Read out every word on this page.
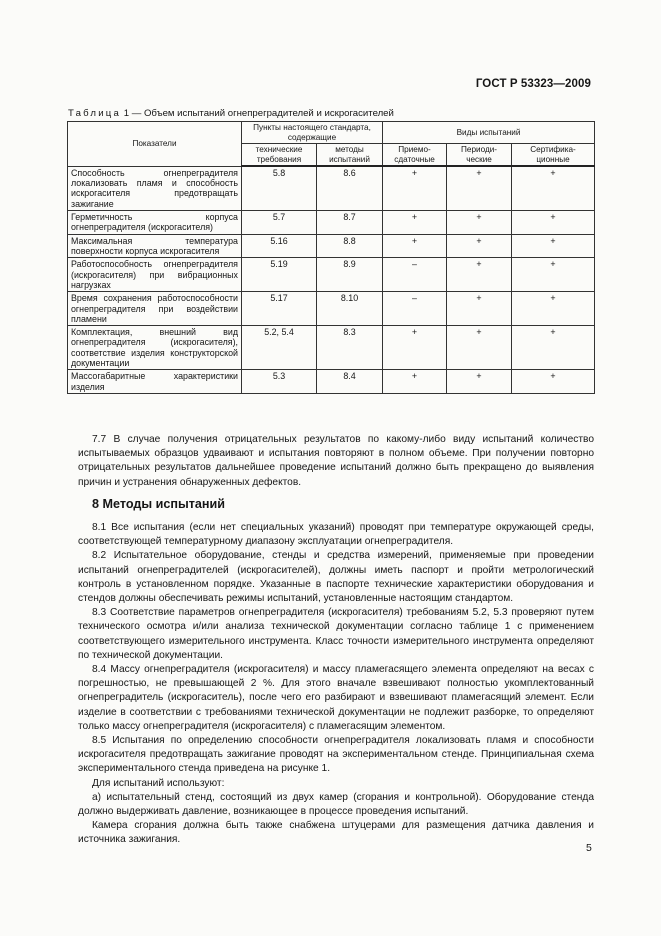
ГОСТ Р 53323—2009
Таблица 1 — Объем испытаний огнепреградителей и искрогасителей
Показатели	Пункты настоящего стандарта, содержащие		Виды испытаний		
	технические требования	методы испытаний	Приемо-сдаточные	Периоди-ческие	Сертифика-ционные
Способность огнепреградителя локализовать пламя и способность искрогасителя предотвращать зажигание	5.8	8.6	+	+	+
Герметичность корпуса огнепреградителя (искрогасителя)	5.7	8.7	+	+	+
Максимальная температура поверхности корпуса искрогасителя	5.16	8.8	+	+	+
Работоспособность огнепреградителя (искрогасителя) при вибрационных нагрузках	5.19	8.9	–	+	+
Время сохранения работоспособности огнепреградителя при воздействии пламени	5.17	8.10	–	+	+
Комплектация, внешний вид огнепреградителя (искрогасителя), соответствие изделия конструкторской документации	5.2, 5.4	8.3	+	+	+
Массогабаритные характеристики изделия	5.3	8.4	+	+	+

7.7 В случае получения отрицательных результатов по какому-либо виду испытаний количество испытываемых образцов удваивают и испытания повторяют в полном объеме. При получении повторно отрицательных результатов дальнейшее проведение испытаний должно быть прекращено до выявления причин и устранения обнаруженных дефектов.

8 Методы испытаний

8.1 Все испытания (если нет специальных указаний) проводят при температуре окружающей среды, соответствующей температурному диапазону эксплуатации огнепреградителя.

8.2 Испытательное оборудование, стенды и средства измерений, применяемые при проведении испытаний огнепреградителей (искрогасителей), должны иметь паспорт и пройти метрологический контроль в установленном порядке. Указанные в паспорте технические характеристики оборудования и стендов должны обеспечивать режимы испытаний, установленные настоящим стандартом.

8.3 Соответствие параметров огнепреградителя (искрогасителя) требованиям 5.2, 5.3 проверяют путем технического осмотра и/или анализа технической документации согласно таблице 1 с применением соответствующего измерительного инструмента. Класс точности измерительного инструмента определяют по технической документации.

8.4 Массу огнепреградителя (искрогасителя) и массу пламегасящего элемента определяют на весах с погрешностью, не превышающей 2 %. Для этого вначале взвешивают полностью укомплектованный огнепреградитель (искрогаситель), после чего его разбирают и взвешивают пламегасящий элемент. Если изделие в соответствии с требованиями технической документации не подлежит разборке, то определяют только массу огнепреградителя (искрогасителя) с пламегасящим элементом.

8.5 Испытания по определению способности огнепреградителя локализовать пламя и способности искрогасителя предотвращать зажигание проводят на экспериментальном стенде. Принципиальная схема экспериментального стенда приведена на рисунке 1.

Для испытаний используют:

а) испытательный стенд, состоящий из двух камер (сгорания и контрольной). Оборудование стенда должно выдерживать давление, возникающее в процессе проведения испытаний.

Камера сгорания должна быть также снабжена штуцерами для размещения датчика давления и источника зажигания.

5
